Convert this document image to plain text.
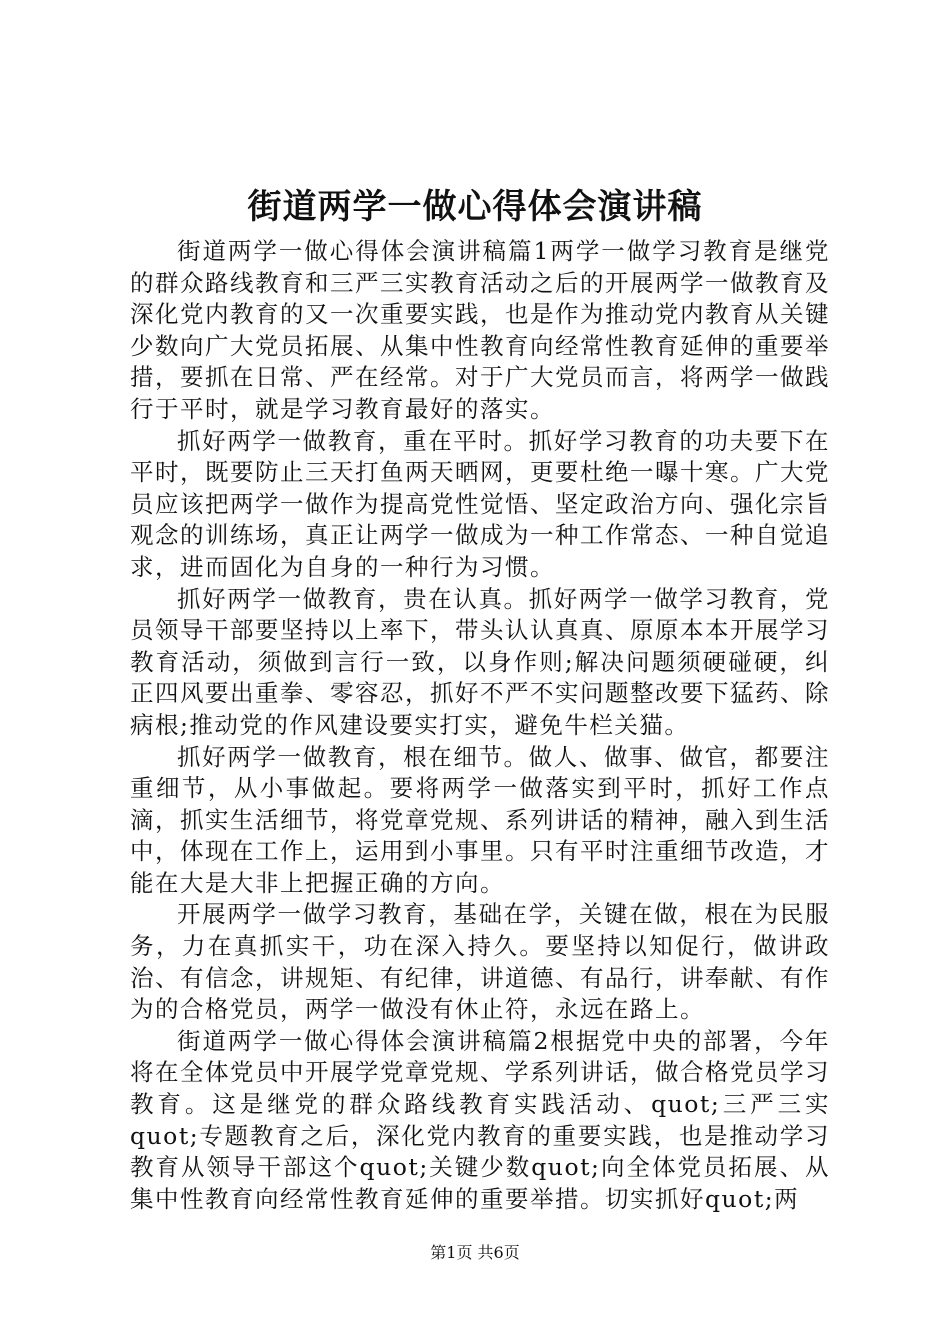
街道两学一做心得体会演讲稿

街道两学一做心得体会演讲稿篇1两学一做学习教育是继党的群众路线教育和三严三实教育活动之后的开展两学一做教育及深化党内教育的又一次重要实践，也是作为推动党内教育从关键少数向广大党员拓展、从集中性教育向经常性教育延伸的重要举措，要抓在日常、严在经常。对于广大党员而言，将两学一做践行于平时，就是学习教育最好的落实。

抓好两学一做教育，重在平时。抓好学习教育的功夫要下在平时，既要防止三天打鱼两天晒网，更要杜绝一曝十寒。广大党员应该把两学一做作为提高党性觉悟、坚定政治方向、强化宗旨观念的训练场，真正让两学一做成为一种工作常态、一种自觉追求，进而固化为自身的一种行为习惯。

抓好两学一做教育，贵在认真。抓好两学一做学习教育，党员领导干部要坚持以上率下，带头认认真真、原原本本开展学习教育活动，须做到言行一致，以身作则;解决问题须硬碰硬，纠正四风要出重拳、零容忍，抓好不严不实问题整改要下猛药、除病根;推动党的作风建设要实打实，避免牛栏关猫。

抓好两学一做教育，根在细节。做人、做事、做官，都要注重细节，从小事做起。要将两学一做落实到平时，抓好工作点滴，抓实生活细节，将党章党规、系列讲话的精神，融入到生活中，体现在工作上，运用到小事里。只有平时注重细节改造，才能在大是大非上把握正确的方向。

开展两学一做学习教育，基础在学，关键在做，根在为民服务，力在真抓实干，功在深入持久。要坚持以知促行，做讲政治、有信念，讲规矩、有纪律，讲道德、有品行，讲奉献、有作为的合格党员，两学一做没有休止符，永远在路上。

街道两学一做心得体会演讲稿篇2根据党中央的部署，今年将在全体党员中开展学党章党规、学系列讲话，做合格党员学习教育。这是继党的群众路线教育实践活动、quot;三严三实quot;专题教育之后，深化党内教育的重要实践，也是推动学习教育从领导干部这个quot;关键少数quot;向全体党员拓展、从集中性教育向经常性教育延伸的重要举措。切实抓好quot;两

第1页 共6页
